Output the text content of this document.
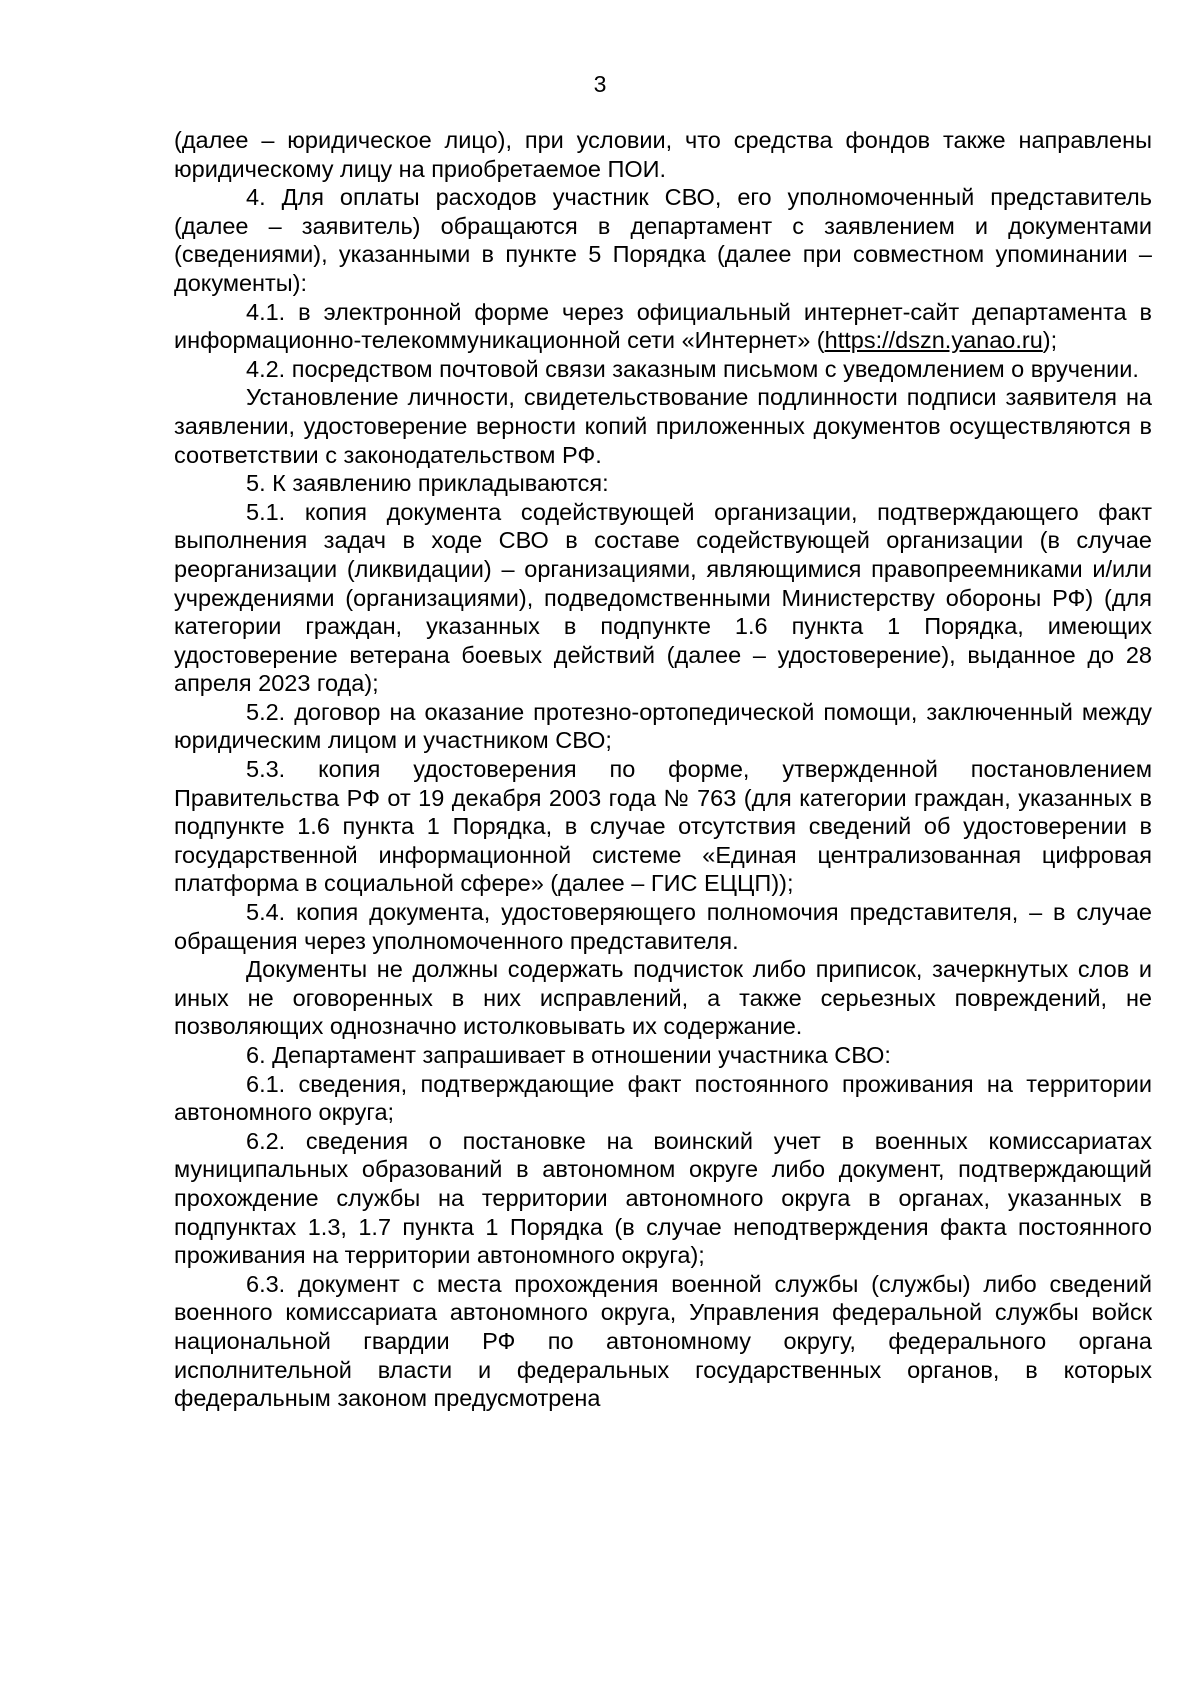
3

(далее – юридическое лицо), при условии, что средства фондов также направлены юридическому лицу на приобретаемое ПОИ.

4. Для оплаты расходов участник СВО, его уполномоченный представитель (далее – заявитель) обращаются в департамент с заявлением и документами (сведениями), указанными в пункте 5 Порядка (далее при совместном упоминании – документы):

4.1. в электронной форме через официальный интернет-сайт департамента в информационно-телекоммуникационной сети «Интернет» (https://dszn.yanao.ru);

4.2. посредством почтовой связи заказным письмом с уведомлением о вручении.

Установление личности, свидетельствование подлинности подписи заявителя на заявлении, удостоверение верности копий приложенных документов осуществляются в соответствии с законодательством РФ.

5. К заявлению прикладываются:

5.1. копия документа содействующей организации, подтверждающего факт выполнения задач в ходе СВО в составе содействующей организации (в случае реорганизации (ликвидации) – организациями, являющимися правопреемниками и/или учреждениями (организациями), подведомственными Министерству обороны РФ) (для категории граждан, указанных в подпункте 1.6 пункта 1 Порядка, имеющих удостоверение ветерана боевых действий (далее – удостоверение), выданное до 28 апреля 2023 года);

5.2. договор на оказание протезно-ортопедической помощи, заключенный между юридическим лицом и участником СВО;

5.3. копия удостоверения по форме, утвержденной постановлением Правительства РФ от 19 декабря 2003 года № 763 (для категории граждан, указанных в подпункте 1.6 пункта 1 Порядка, в случае отсутствия сведений об удостоверении в государственной информационной системе «Единая централизованная цифровая платформа в социальной сфере» (далее – ГИС ЕЦЦП));

5.4. копия документа, удостоверяющего полномочия представителя, – в случае обращения через уполномоченного представителя.

Документы не должны содержать подчисток либо приписок, зачеркнутых слов и иных не оговоренных в них исправлений, а также серьезных повреждений, не позволяющих однозначно истолковывать их содержание.

6. Департамент запрашивает в отношении участника СВО:

6.1. сведения, подтверждающие факт постоянного проживания на территории автономного округа;

6.2. сведения о постановке на воинский учет в военных комиссариатах муниципальных образований в автономном округе либо документ, подтверждающий прохождение службы на территории автономного округа в органах, указанных в подпунктах 1.3, 1.7 пункта 1 Порядка (в случае неподтверждения факта постоянного проживания на территории автономного округа);

6.3. документ с места прохождения военной службы (службы) либо сведений военного комиссариата автономного округа, Управления федеральной службы войск национальной гвардии РФ по автономному округу, федерального органа исполнительной власти и федеральных государственных органов, в которых федеральным законом предусмотрена
